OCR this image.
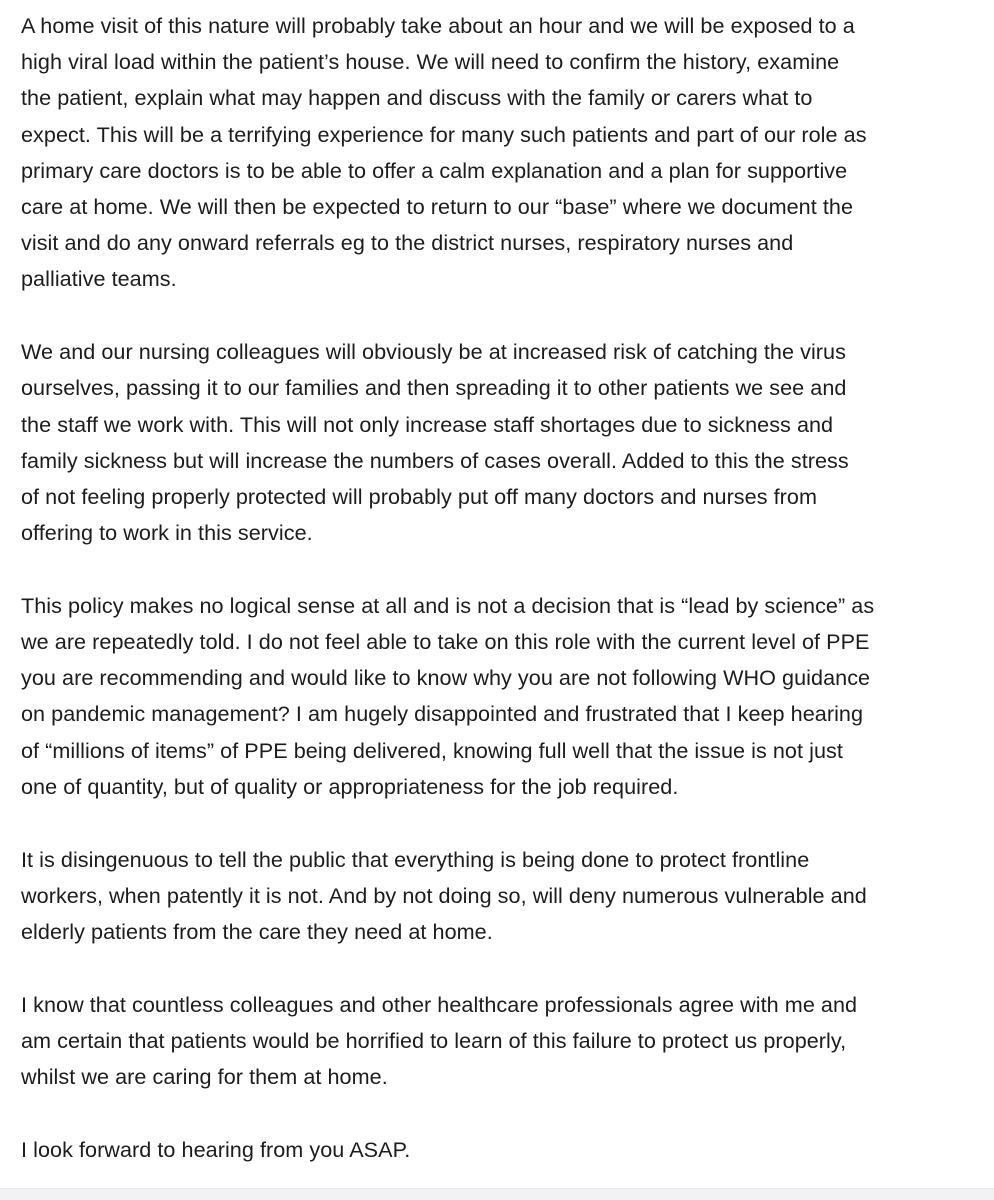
A home visit of this nature will probably take about an hour and we will be exposed to a
high viral load within the patient’s house. We will need to confirm the history, examine
the patient, explain what may happen and discuss with the family or carers what to
expect. This will be a terrifying experience for many such patients and part of our role as
primary care doctors is to be able to offer a calm explanation and a plan for supportive
care at home. We will then be expected to return to our “base” where we document the
visit and do any onward referrals eg to the district nurses, respiratory nurses and
palliative teams.

We and our nursing colleagues will obviously be at increased risk of catching the virus
ourselves, passing it to our families and then spreading it to other patients we see and
the staff we work with. This will not only increase staff shortages due to sickness and
family sickness but will increase the numbers of cases overall. Added to this the stress
of not feeling properly protected will probably put off many doctors and nurses from
offering to work in this service.

This policy makes no logical sense at all and is not a decision that is “lead by science” as
we are repeatedly told. I do not feel able to take on this role with the current level of PPE
you are recommending and would like to know why you are not following WHO guidance
on pandemic management? I am hugely disappointed and frustrated that I keep hearing
of “millions of items” of PPE being delivered, knowing full well that the issue is not just
one of quantity, but of quality or appropriateness for the job required.

It is disingenuous to tell the public that everything is being done to protect frontline
workers, when patently it is not. And by not doing so, will deny numerous vulnerable and
elderly patients from the care they need at home.

I know that countless colleagues and other healthcare professionals agree with me and
am certain that patients would be horrified to learn of this failure to protect us properly,
whilst we are caring for them at home.

I look forward to hearing from you ASAP.
